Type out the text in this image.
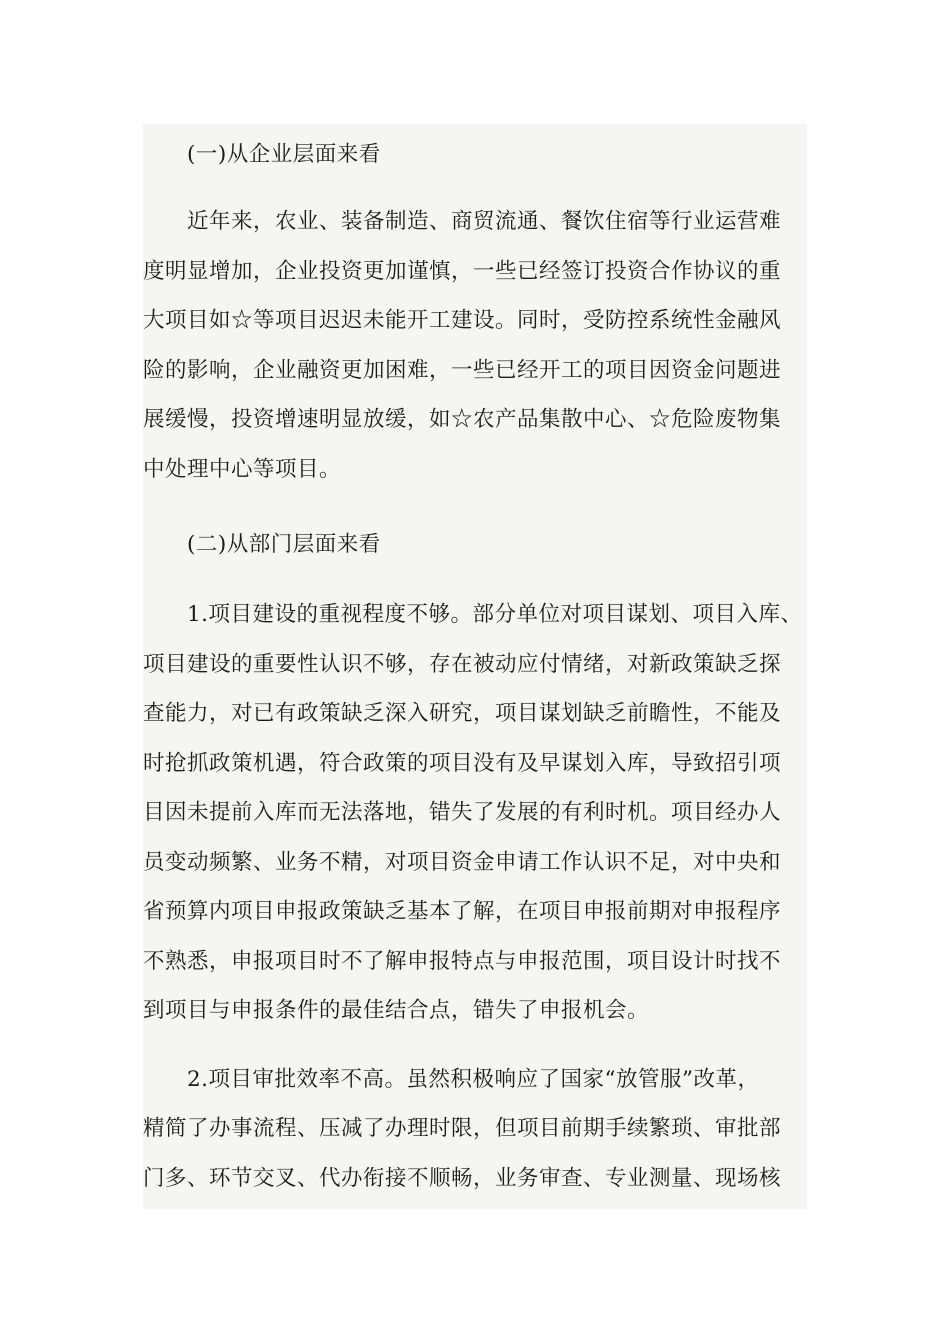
(一)从企业层面来看
近年来，农业、装备制造、商贸流通、餐饮住宿等行业运营难
度明显增加，企业投资更加谨慎，一些已经签订投资合作协议的重
大项目如☆等项目迟迟未能开工建设。同时，受防控系统性金融风
险的影响，企业融资更加困难，一些已经开工的项目因资金问题进
展缓慢，投资增速明显放缓，如☆农产品集散中心、☆危险废物集
中处理中心等项目。
(二)从部门层面来看
1.项目建设的重视程度不够。部分单位对项目谋划、项目入库、
项目建设的重要性认识不够，存在被动应付情绪，对新政策缺乏探
查能力，对已有政策缺乏深入研究，项目谋划缺乏前瞻性，不能及
时抢抓政策机遇，符合政策的项目没有及早谋划入库，导致招引项
目因未提前入库而无法落地，错失了发展的有利时机。项目经办人
员变动频繁、业务不精，对项目资金申请工作认识不足，对中央和
省预算内项目申报政策缺乏基本了解，在项目申报前期对申报程序
不熟悉，申报项目时不了解申报特点与申报范围，项目设计时找不
到项目与申报条件的最佳结合点，错失了申报机会。
2.项目审批效率不高。虽然积极响应了国家“放管服”改革，
精简了办事流程、压减了办理时限，但项目前期手续繁琐、审批部
门多、环节交叉、代办衔接不顺畅，业务审查、专业测量、现场核
